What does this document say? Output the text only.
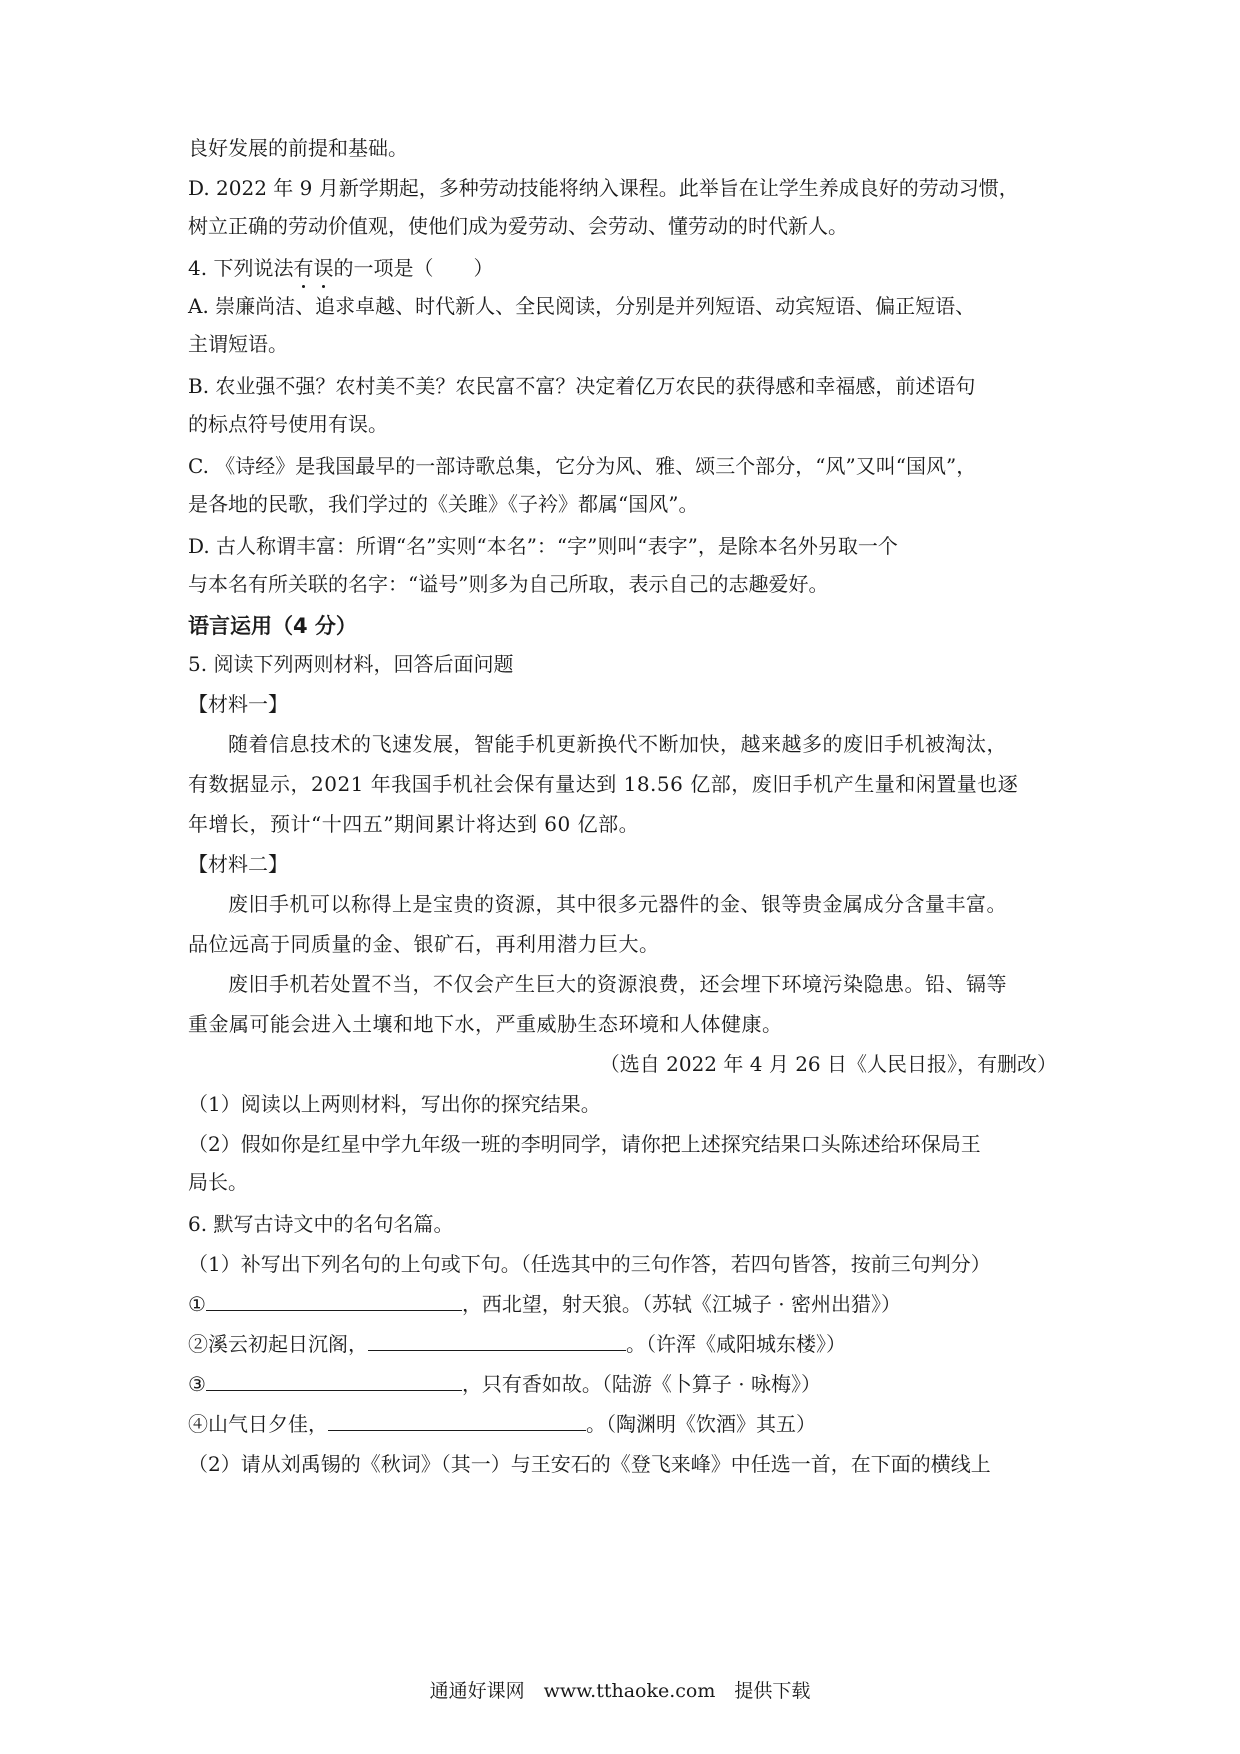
良好发展的前提和基础。
D. 2022 年 9 月新学期起，多种劳动技能将纳入课程。此举旨在让学生养成良好的劳动习惯，
树立正确的劳动价值观，使他们成为爱劳动、会劳动、懂劳动的时代新人。
4. 下列说法有误的一项是（　　）
A. 崇廉尚洁、追求卓越、时代新人、全民阅读，分别是并列短语、动宾短语、偏正短语、
主谓短语。
B. 农业强不强？农村美不美？农民富不富？决定着亿万农民的获得感和幸福感，前述语句
的标点符号使用有误。
C. 《诗经》是我国最早的一部诗歌总集，它分为风、雅、颂三个部分，“风”又叫“国风”，
是各地的民歌，我们学过的《关雎》《子衿》都属“国风”。
D. 古人称谓丰富：所谓“名”实则“本名”：“字”则叫“表字”，是除本名外另取一个
与本名有所关联的名字：“谥号”则多为自己所取，表示自己的志趣爱好。
语言运用（4 分）
5. 阅读下列两则材料，回答后面问题
【材料一】
随着信息技术的飞速发展，智能手机更新换代不断加快，越来越多的废旧手机被淘汰，
有数据显示，2021 年我国手机社会保有量达到 18.56 亿部，废旧手机产生量和闲置量也逐
年增长，预计“十四五”期间累计将达到 60 亿部。
【材料二】
废旧手机可以称得上是宝贵的资源，其中很多元器件的金、银等贵金属成分含量丰富。
品位远高于同质量的金、银矿石，再利用潜力巨大。
废旧手机若处置不当，不仅会产生巨大的资源浪费，还会埋下环境污染隐患。铅、镉等
重金属可能会进入土壤和地下水，严重威胁生态环境和人体健康。
（选自 2022 年 4 月 26 日《人民日报》，有删改）
（1）阅读以上两则材料，写出你的探究结果。
（2）假如你是红星中学九年级一班的李明同学，请你把上述探究结果口头陈述给环保局王
局长。
6. 默写古诗文中的名句名篇。
（1）补写出下列名句的上句或下句。（任选其中的三句作答，若四句皆答，按前三句判分）
①	，西北望，射天狼。（苏轼《江城子 · 密州出猎》）
②溪云初起日沉阁，	。（许浑《咸阳城东楼》）
③	，只有香如故。（陆游《卜算子 · 咏梅》）
④山气日夕佳，	。（陶渊明《饮酒》其五）
（2）请从刘禹锡的《秋词》（其一）与王安石的《登飞来峰》中任选一首，在下面的横线上
通通好课网　www.tthaoke.com　提供下载
